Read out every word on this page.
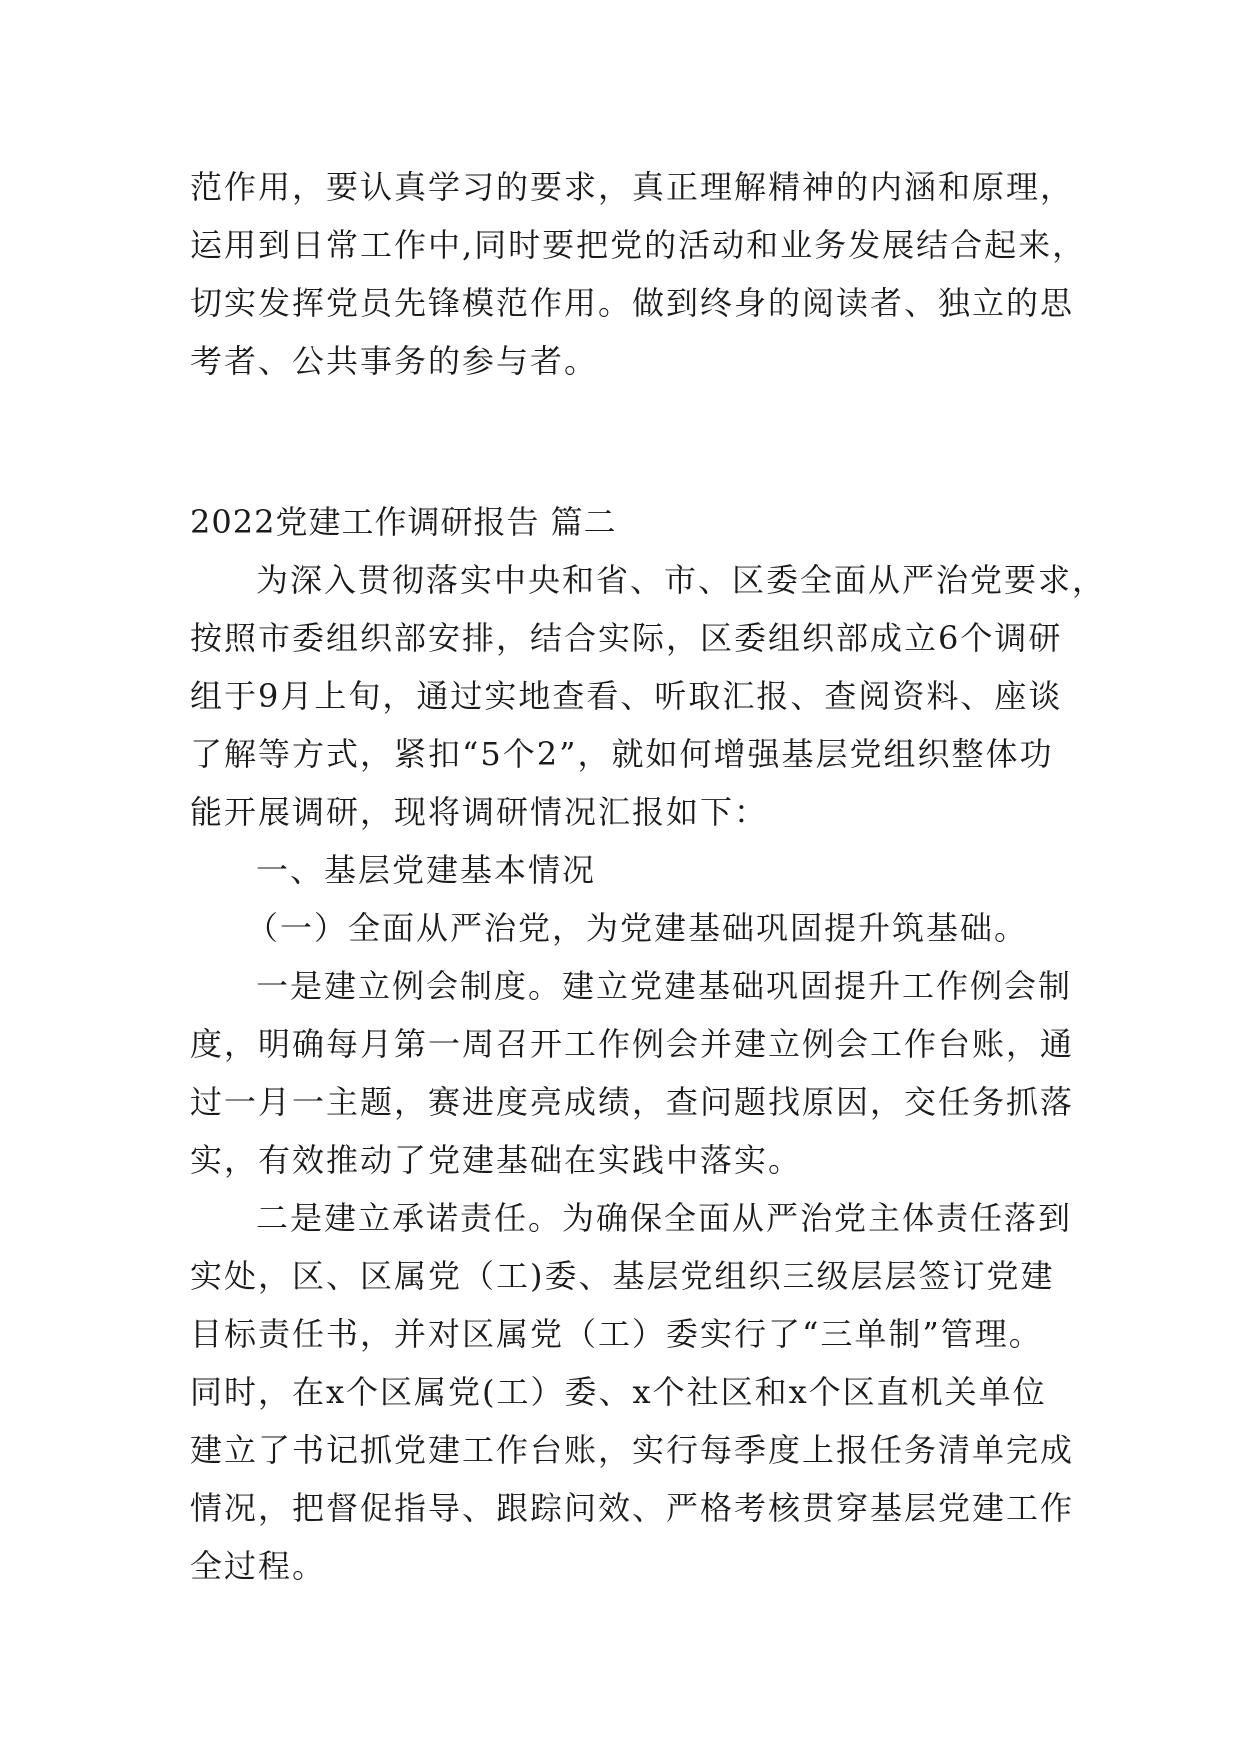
范作用，要认真学习的要求，真正理解精神的内涵和原理，
运用到日常工作中,同时要把党的活动和业务发展结合起来，
切实发挥党员先锋模范作用。做到终身的阅读者、独立的思
考者、公共事务的参与者。
2022党建工作调研报告 篇二
为深入贯彻落实中央和省、市、区委全面从严治党要求，
按照市委组织部安排，结合实际，区委组织部成立6个调研
组于9月上旬，通过实地查看、听取汇报、查阅资料、座谈
了解等方式，紧扣“5个2”，就如何增强基层党组织整体功
能开展调研，现将调研情况汇报如下：
一、基层党建基本情况
（一）全面从严治党，为党建基础巩固提升筑基础。
一是建立例会制度。建立党建基础巩固提升工作例会制
度，明确每月第一周召开工作例会并建立例会工作台账，通
过一月一主题，赛进度亮成绩，查问题找原因，交任务抓落
实，有效推动了党建基础在实践中落实。
二是建立承诺责任。为确保全面从严治党主体责任落到
实处，区、区属党（工)委、基层党组织三级层层签订党建
目标责任书，并对区属党（工）委实行了“三单制”管理。
同时，在x个区属党(工）委、x个社区和x个区直机关单位
建立了书记抓党建工作台账，实行每季度上报任务清单完成
情况，把督促指导、跟踪问效、严格考核贯穿基层党建工作
全过程。
